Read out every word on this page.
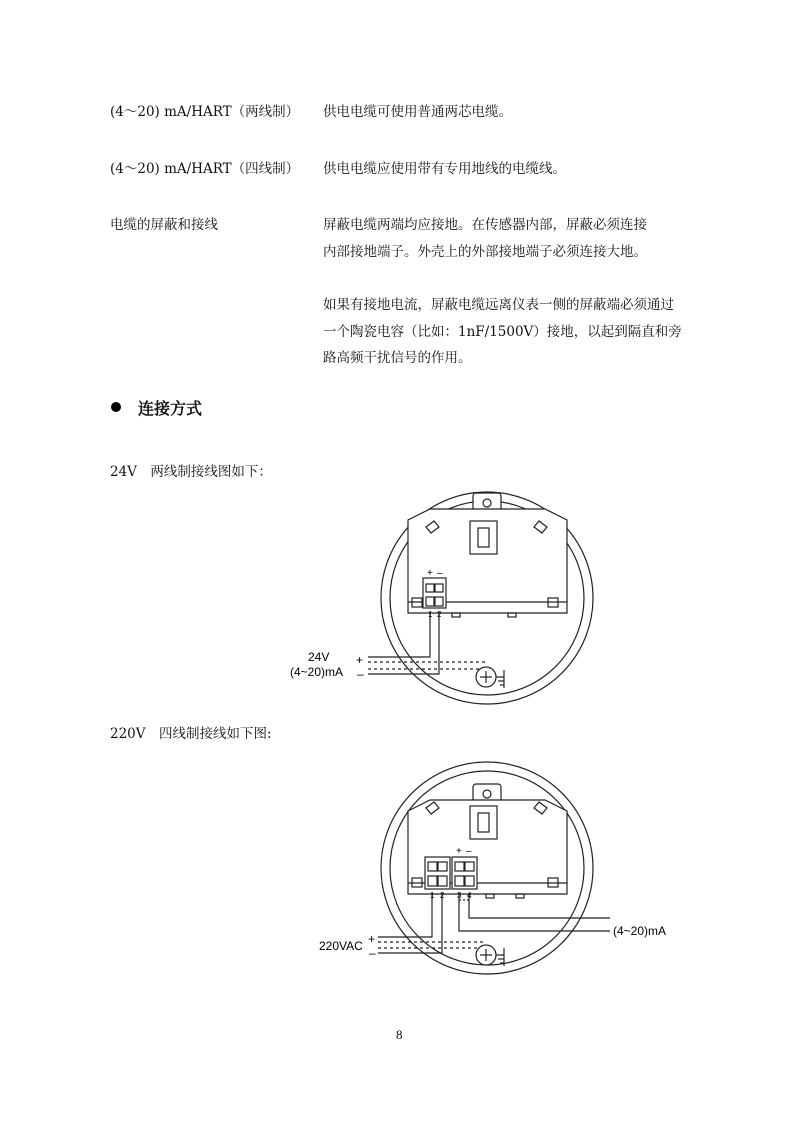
(4～20) mA/HART（两线制） 供电电缆可使用普通两芯电缆。
(4～20) mA/HART（四线制） 供电电缆应使用带有专用地线的电缆线。
电缆的屏蔽和接线	屏蔽电缆两端均应接地。在传感器内部，屏蔽必须连接
内部接地端子。外壳上的外部接地端子必须连接大地。
如果有接地电流，屏蔽电缆远离仪表一侧的屏蔽端必须通过
一个陶瓷电容（比如：1nF/1500V）接地，以起到隔直和旁
路高频干扰信号的作用。
连接方式
24V　两线制接线图如下：
+ –
1 2
24V
(4~20)mA
+
–
220V　四线制接线如下图:
+ –
1 2 3 4
220VAC +
–
(4~20)mA
8
